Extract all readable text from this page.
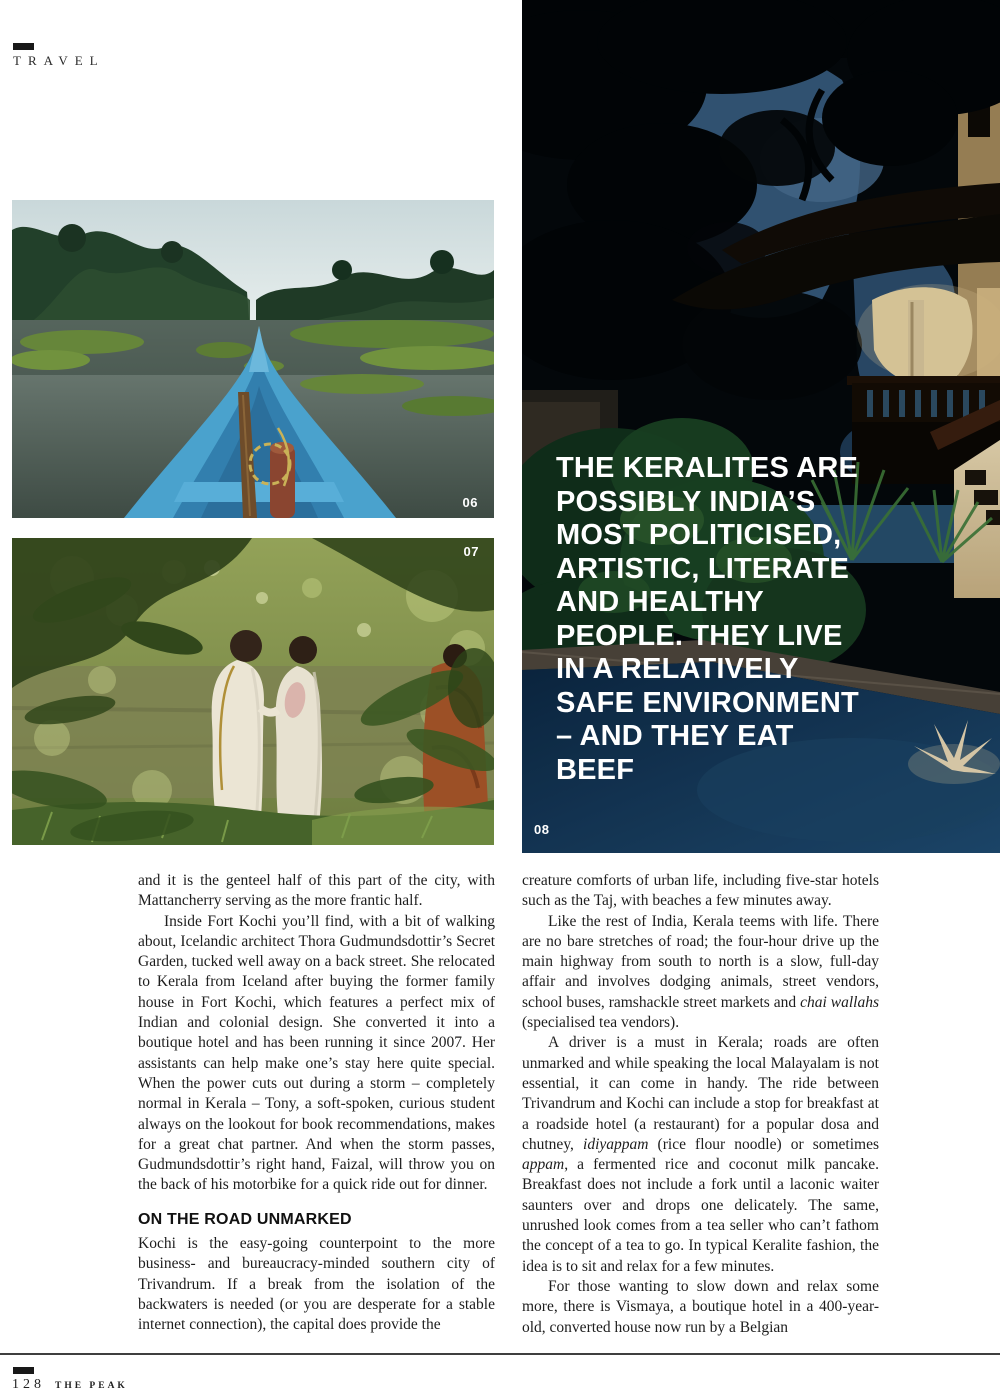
TRAVEL
06
07
08
THE KERALITES ARE
POSSIBLY INDIA’S
MOST POLITICISED,
ARTISTIC, LITERATE
AND HEALTHY
PEOPLE. THEY LIVE
IN A RELATIVELY
SAFE ENVIRONMENT
– AND THEY EAT
BEEF

and it is the genteel half of this part of the city, with Mattancherry serving as the more frantic half.

Inside Fort Kochi you’ll find, with a bit of walking about, Icelandic architect Thora Gudmundsdottir’s Secret Garden, tucked well away on a back street. She relocated to Kerala from Iceland after buying the former family house in Fort Kochi, which features a perfect mix of Indian and colonial design. She converted it into a boutique hotel and has been running it since 2007. Her assistants can help make one’s stay here quite special. When the power cuts out during a storm – completely normal in Kerala – Tony, a soft-spoken, curious student always on the lookout for book recommendations, makes for a great chat partner. And when the storm passes, Gudmundsdottir’s right hand, Faizal, will throw you on the back of his motorbike for a quick ride out for dinner.

ON THE ROAD UNMARKED

Kochi is the easy-going counterpoint to the more business- and bureaucracy-minded southern city of Trivandrum. If a break from the isolation of the backwaters is needed (or you are desperate for a stable internet connection), the capital does provide the

creature comforts of urban life, including five-star hotels such as the Taj, with beaches a few minutes away.

Like the rest of India, Kerala teems with life. There are no bare stretches of road; the four-hour drive up the main highway from south to north is a slow, full-day affair and involves dodging animals, street vendors, school buses, ramshackle street markets and chai wallahs (specialised tea vendors).

A driver is a must in Kerala; roads are often unmarked and while speaking the local Malayalam is not essential, it can come in handy. The ride between Trivandrum and Kochi can include a stop for breakfast at a roadside hotel (a restaurant) for a popular dosa and chutney, idiyappam (rice flour noodle) or sometimes appam, a fermented rice and coconut milk pancake. Breakfast does not include a fork until a laconic waiter saunters over and drops one delicately. The same, unrushed look comes from a tea seller who can’t fathom the concept of a tea to go. In typical Keralite fashion, the idea is to sit and relax for a few minutes.

For those wanting to slow down and relax some more, there is Vismaya, a boutique hotel in a 400-year-old, converted house now run by a Belgian

128 THE PEAK
